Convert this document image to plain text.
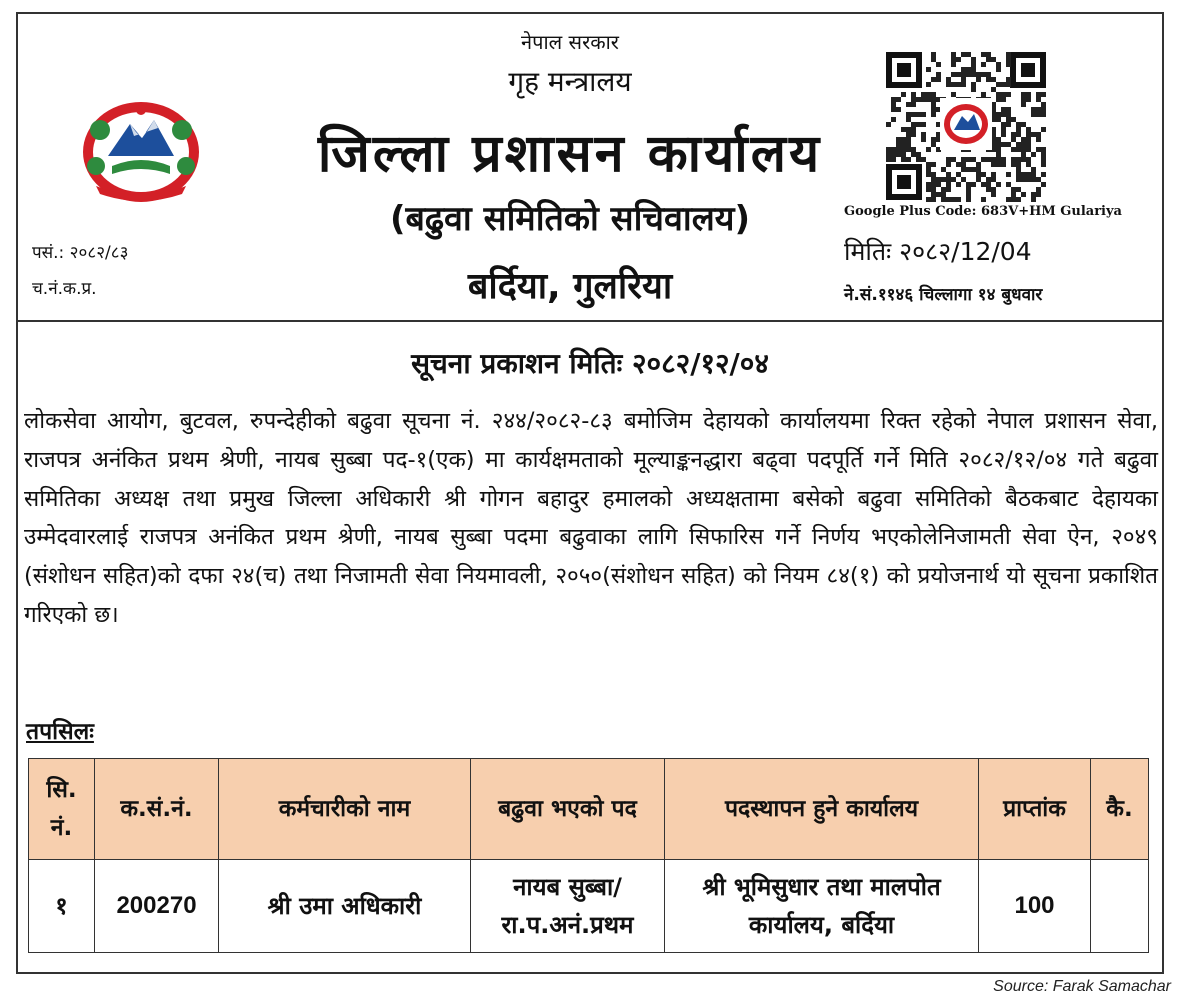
नेपाल सरकार
गृह मन्त्रालय
जिल्ला प्रशासन कार्यालय
(बढुवा समितिको सचिवालय)
बर्दिया, गुलरिया
पसं.: २०८२/८३
च.नं.क.प्र.
Google Plus Code: 683V+HM Gulariya
मितिः २०८२/12/04
ने.सं.११४६ चिल्लागा १४ बुधवार
सूचना प्रकाशन मितिः २०८२/१२/०४
लोकसेवा आयोग, बुटवल, रुपन्देहीको बढुवा सूचना नं. २४४/२०८२-८३ बमोजिम देहायको कार्यालयमा रिक्त रहेको नेपाल प्रशासन सेवा, राजपत्र अनंकित प्रथम श्रेणी, नायब सुब्बा पद-१(एक) मा कार्यक्षमताको मूल्याङ्कनद्धारा बढ्‌वा पदपूर्ति गर्ने मिति २०८२/१२/०४ गते बढुवा समितिका अध्यक्ष तथा प्रमुख जिल्ला अधिकारी श्री गोगन बहादुर हमालको अध्यक्षतामा बसेको बढुवा समितिको बैठकबाट देहायका उम्मेदवारलाई राजपत्र अनंकित प्रथम श्रेणी, नायब सुब्बा पदमा बढुवाका लागि सिफारिस गर्ने निर्णय भएकोलेनिजामती सेवा ऐन, २०४९ (संशोधन सहित)को दफा २४(च) तथा निजामती सेवा नियमावली, २०५०(संशोधन सहित) को नियम ८४(१) को प्रयोजनार्थ यो सूचना प्रकाशित गरिएको छ।
तपसिलः
सि. नं.	क.सं.नं.	कर्मचारीको नाम	बढुवा भएको पद	पदस्थापन हुने कार्यालय	प्राप्तांक	कै.
१	200270	श्री उमा अधिकारी	नायब सुब्बा/ रा.प.अनं.प्रथम	श्री भूमिसुधार तथा मालपोत कार्यालय, बर्दिया	100	
Source: Farak Samachar
